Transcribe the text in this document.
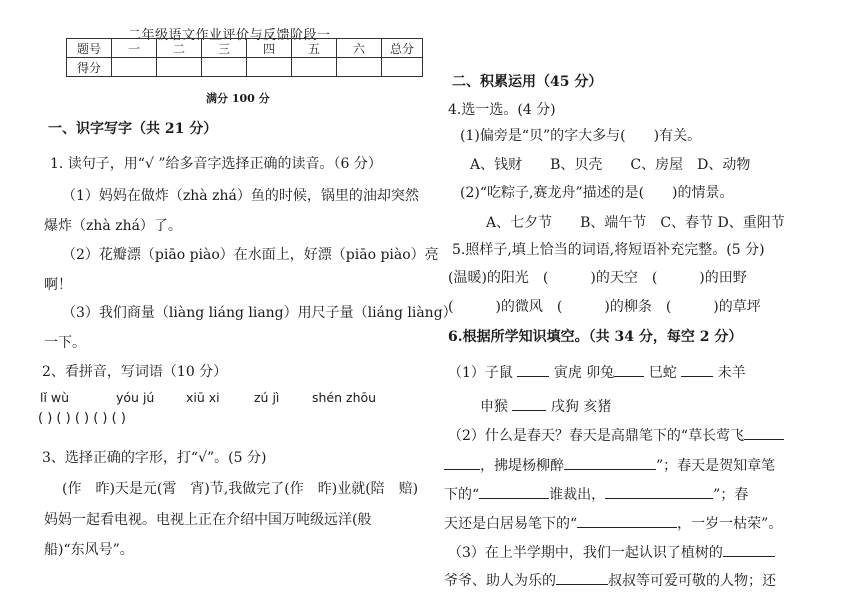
二年级语文作业评价与反馈阶段一
题号	一	二	三	四	五	六	总分
得分							
满分 100 分
一、识字写字（共 21 分）
1. 读句子，用“√ ”给多音字选择正确的读音。（6 分）
（1）妈妈在做炸（zhà zhá）鱼的时候，锅里的油却突然
爆炸（zhà zhá）了。
（2）花瓣漂（piāo piào）在水面上，好漂（piāo piào）亮
啊！
（3）我们商量（liàng liáng liang）用尺子量（liáng liàng）
一下。
2、看拼音，写词语（10 分）
lǐ wù	yóu jú	xiū xi	zú jì	shén zhōu
( ) ( ) ( ) ( ) ( )
3、选择正确的字形，打“√”。(5 分)
(作　昨)天是元(霄　宵)节,我做完了(作　昨)业就(陪　赔)
妈妈一起看电视。电视上正在介绍中国万吨级远洋(般
船)“东风号”。
二、积累运用（45 分）
4.选一选。(4 分)
(1)偏旁是“贝”的字大多与(　　)有关。
A、钱财　　B、贝壳　　C、房屋　D、动物
(2)“吃粽子,赛龙舟”描述的是(　　)的情景。
A、七夕节　　B、端午节　C、春节 D、重阳节
5.照样子,填上恰当的词语,将短语补充完整。(5 分)
(温暖)的阳光　(　　　)的天空　(　　　)的田野
(　　　)的微风　(　　　)的柳条　(　　　)的草坪
6.根据所学知识填空。（共 34 分，每空 2 分）
（1）子鼠	寅虎 卯兔 巳蛇	未羊
申猴	戌狗 亥猪
（2）什么是春天？春天是高鼎笔下的“草长莺飞
，拂堤杨柳醉	”；春天是贺知章笔
下的“	谁裁出，	”；春
天还是白居易笔下的“	，一岁一枯荣”。
（3）在上半学期中，我们一起认识了植树的
爷爷、助人为乐的	叔叔等可爱可敬的人物；还
